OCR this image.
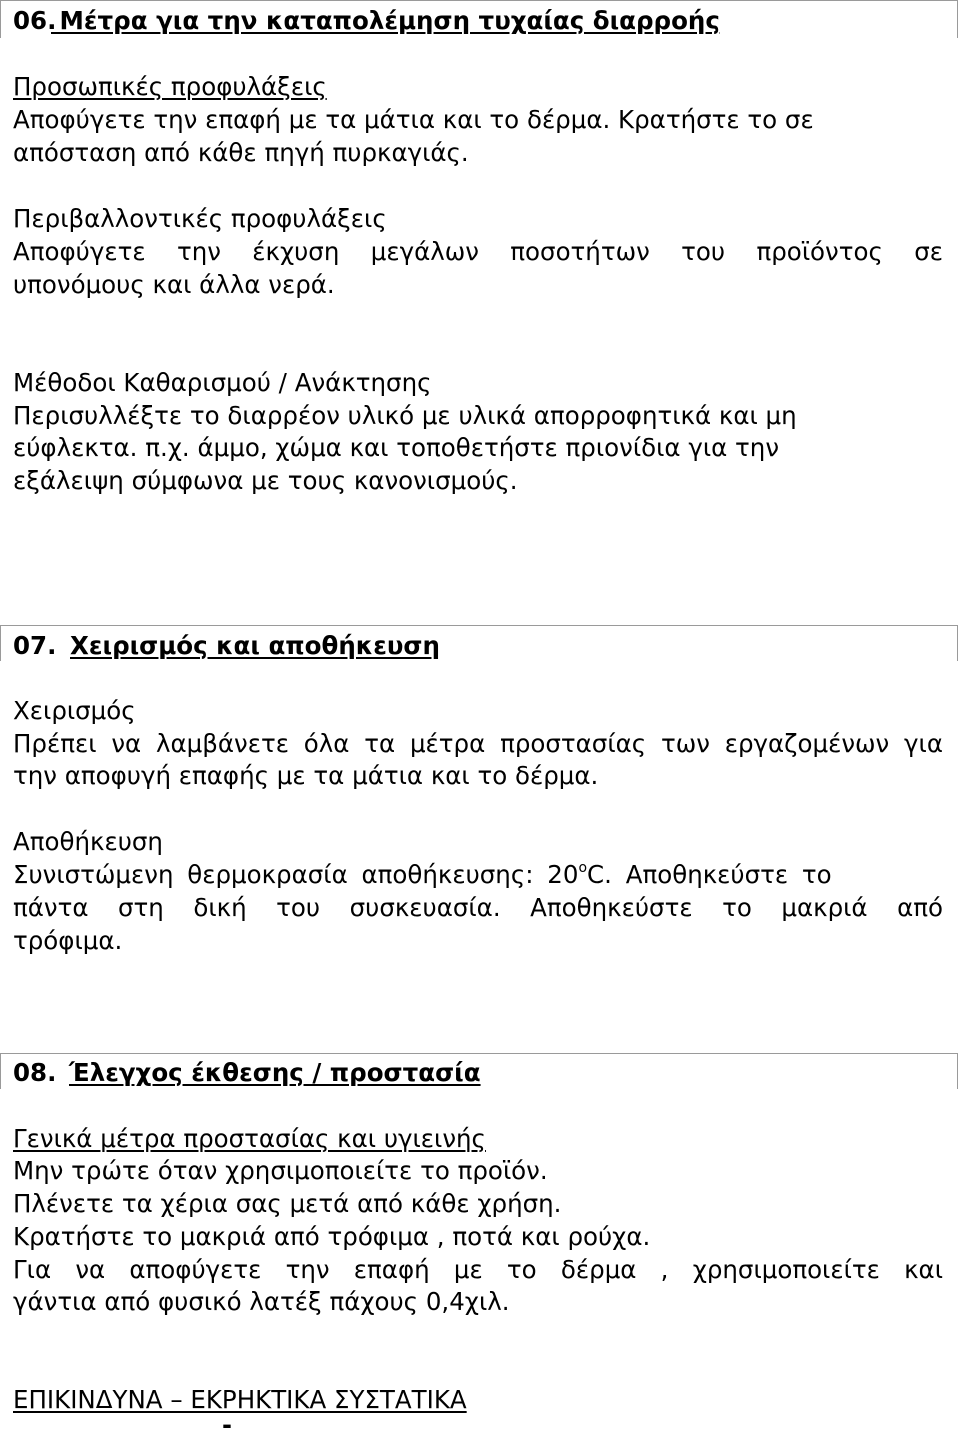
06.
Μέτρα για την καταπολέμηση τυχαίας διαρροής
Προσωπικές προφυλάξεις
Αποφύγετε την επαφή με τα μάτια και το δέρμα. Κρατήστε το σε
απόσταση από κάθε πηγή πυρκαγιάς.
Περιβαλλοντικές προφυλάξεις
Αποφύγετε την έκχυση μεγάλων ποσοτήτων του προϊόντος σε
υπονόμους και άλλα νερά.
Μέθοδοι Καθαρισμού / Ανάκτησης
Περισυλλέξτε το διαρρέον υλικό με υλικά απορροφητικά και μη
εύφλεκτα. π.χ. άμμο, χώμα και τοποθετήστε πριονίδια για την
εξάλειψη σύμφωνα με τους κανονισμούς.
07. Χειρισμός και αποθήκευση
Χειρισμός
Πρέπει να λαμβάνετε όλα τα μέτρα προστασίας των εργαζομένων για
την αποφυγή επαφής με τα μάτια και το δέρμα.
Αποθήκευση
Συνιστώμενη θερμοκρασία αποθήκευσης: 20$^o$C. Αποθηκεύστε το
πάντα στη δική του συσκευασία. Αποθηκεύστε το μακριά από
τρόφιμα.
08. Έλεγχος έκθεσης / προστασία
Γενικά μέτρα προστασίας και υγιεινής
Μην τρώτε όταν χρησιμοποιείτε το προϊόν.
Πλένετε τα χέρια σας μετά από κάθε χρήση.
Κρατήστε το μακριά από τρόφιμα , ποτά και ρούχα.
Για να αποφύγετε την επαφή με το δέρμα , χρησιμοποιείτε και
γάντια από φυσικό λατέξ πάχους 0,4χιλ.
ΕΠΙΚΙΝΔΥΝΑ – ΕΚΡΗΚΤΙΚΑ ΣΥΣΤΑΤΙΚΑ
-
